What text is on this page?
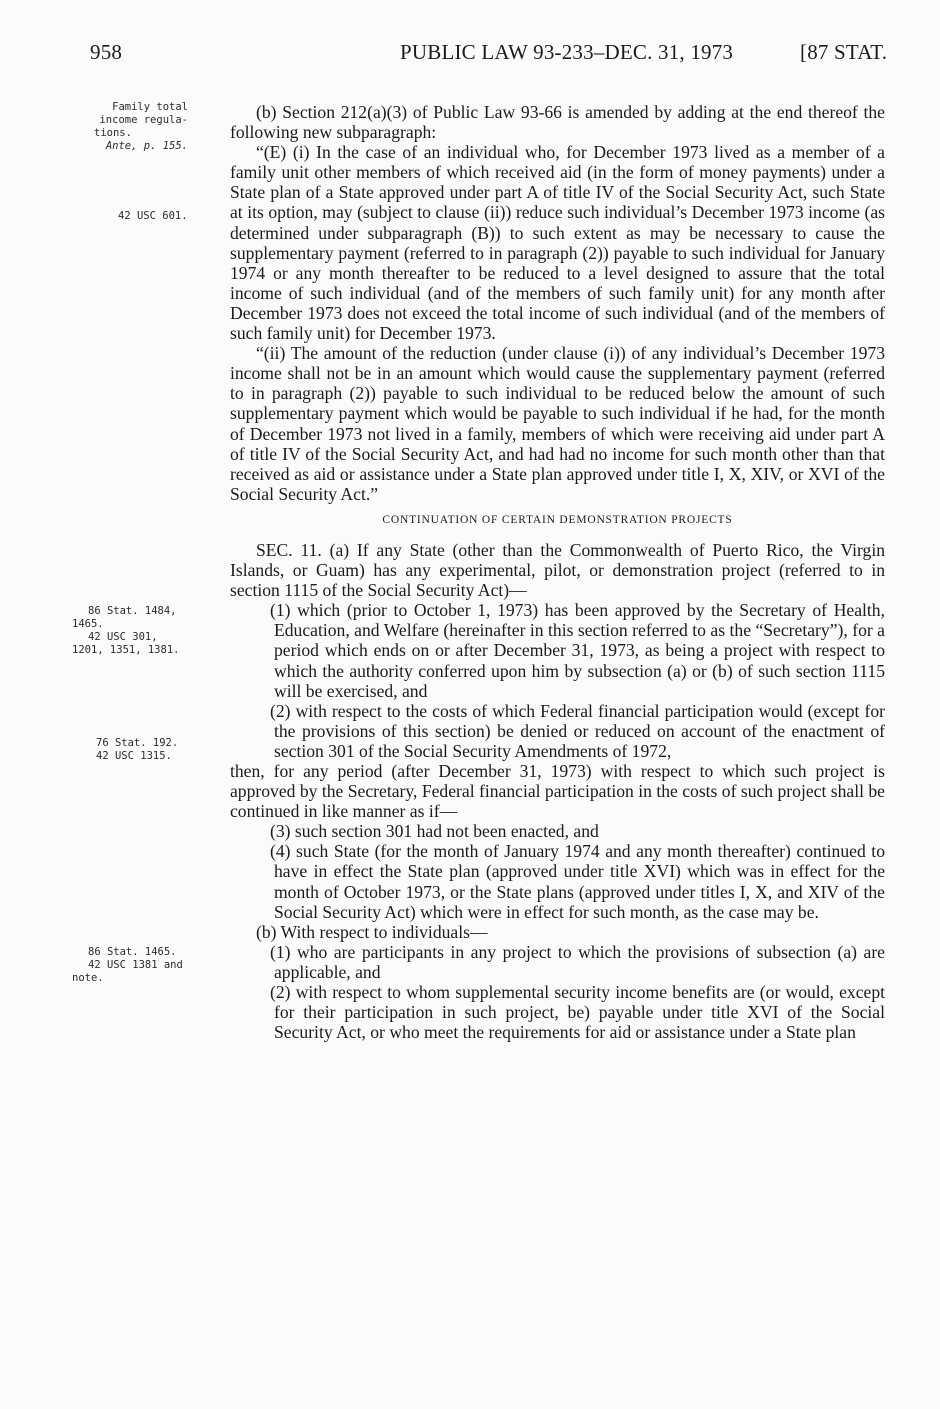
958	PUBLIC LAW 93-233–DEC. 31, 1973	[87 STAT.
Family total
income regula-
tions.
Ante, p. 155.
42 USC 601.
86 Stat. 1484,
1465.
42 USC 301,
1201, 1351, 1381.
76 Stat. 192.
42 USC 1315.
86 Stat. 1465.
42 USC 1381 and
note.

(b) Section 212(a)(3) of Public Law 93-66 is amended by adding at the end thereof the following new subparagraph:

“(E) (i) In the case of an individual who, for December 1973 lived as a member of a family unit other members of which received aid (in the form of money payments) under a State plan of a State approved under part A of title IV of the Social Security Act, such State at its option, may (subject to clause (ii)) reduce such individual’s December 1973 income (as determined under subparagraph (B)) to such extent as may be necessary to cause the supplementary payment (referred to in paragraph (2)) payable to such individual for January 1974 or any month thereafter to be reduced to a level designed to assure that the total income of such individual (and of the members of such family unit) for any month after December 1973 does not exceed the total income of such individual (and of the members of such family unit) for December 1973.

“(ii) The amount of the reduction (under clause (i)) of any individual’s December 1973 income shall not be in an amount which would cause the supplementary payment (referred to in paragraph (2)) payable to such individual to be reduced below the amount of such supplementary payment which would be payable to such individual if he had, for the month of December 1973 not lived in a family, members of which were receiving aid under part A of title IV of the Social Security Act, and had had no income for such month other than that received as aid or assistance under a State plan approved under title I, X, XIV, or XVI of the Social Security Act.”

CONTINUATION OF CERTAIN DEMONSTRATION PROJECTS

SEC. 11. (a) If any State (other than the Commonwealth of Puerto Rico, the Virgin Islands, or Guam) has any experimental, pilot, or demonstration project (referred to in section 1115 of the Social Security Act)—

(1) which (prior to October 1, 1973) has been approved by the Secretary of Health, Education, and Welfare (hereinafter in this section referred to as the “Secretary”), for a period which ends on or after December 31, 1973, as being a project with respect to which the authority conferred upon him by subsection (a) or (b) of such section 1115 will be exercised, and

(2) with respect to the costs of which Federal financial participation would (except for the provisions of this section) be denied or reduced on account of the enactment of section 301 of the Social Security Amendments of 1972,

then, for any period (after December 31, 1973) with respect to which such project is approved by the Secretary, Federal financial participation in the costs of such project shall be continued in like manner as if—

(3) such section 301 had not been enacted, and

(4) such State (for the month of January 1974 and any month thereafter) continued to have in effect the State plan (approved under title XVI) which was in effect for the month of October 1973, or the State plans (approved under titles I, X, and XIV of the Social Security Act) which were in effect for such month, as the case may be.

(b) With respect to individuals—

(1) who are participants in any project to which the provisions of subsection (a) are applicable, and

(2) with respect to whom supplemental security income benefits are (or would, except for their participation in such project, be) payable under title XVI of the Social Security Act, or who meet the requirements for aid or assistance under a State plan
